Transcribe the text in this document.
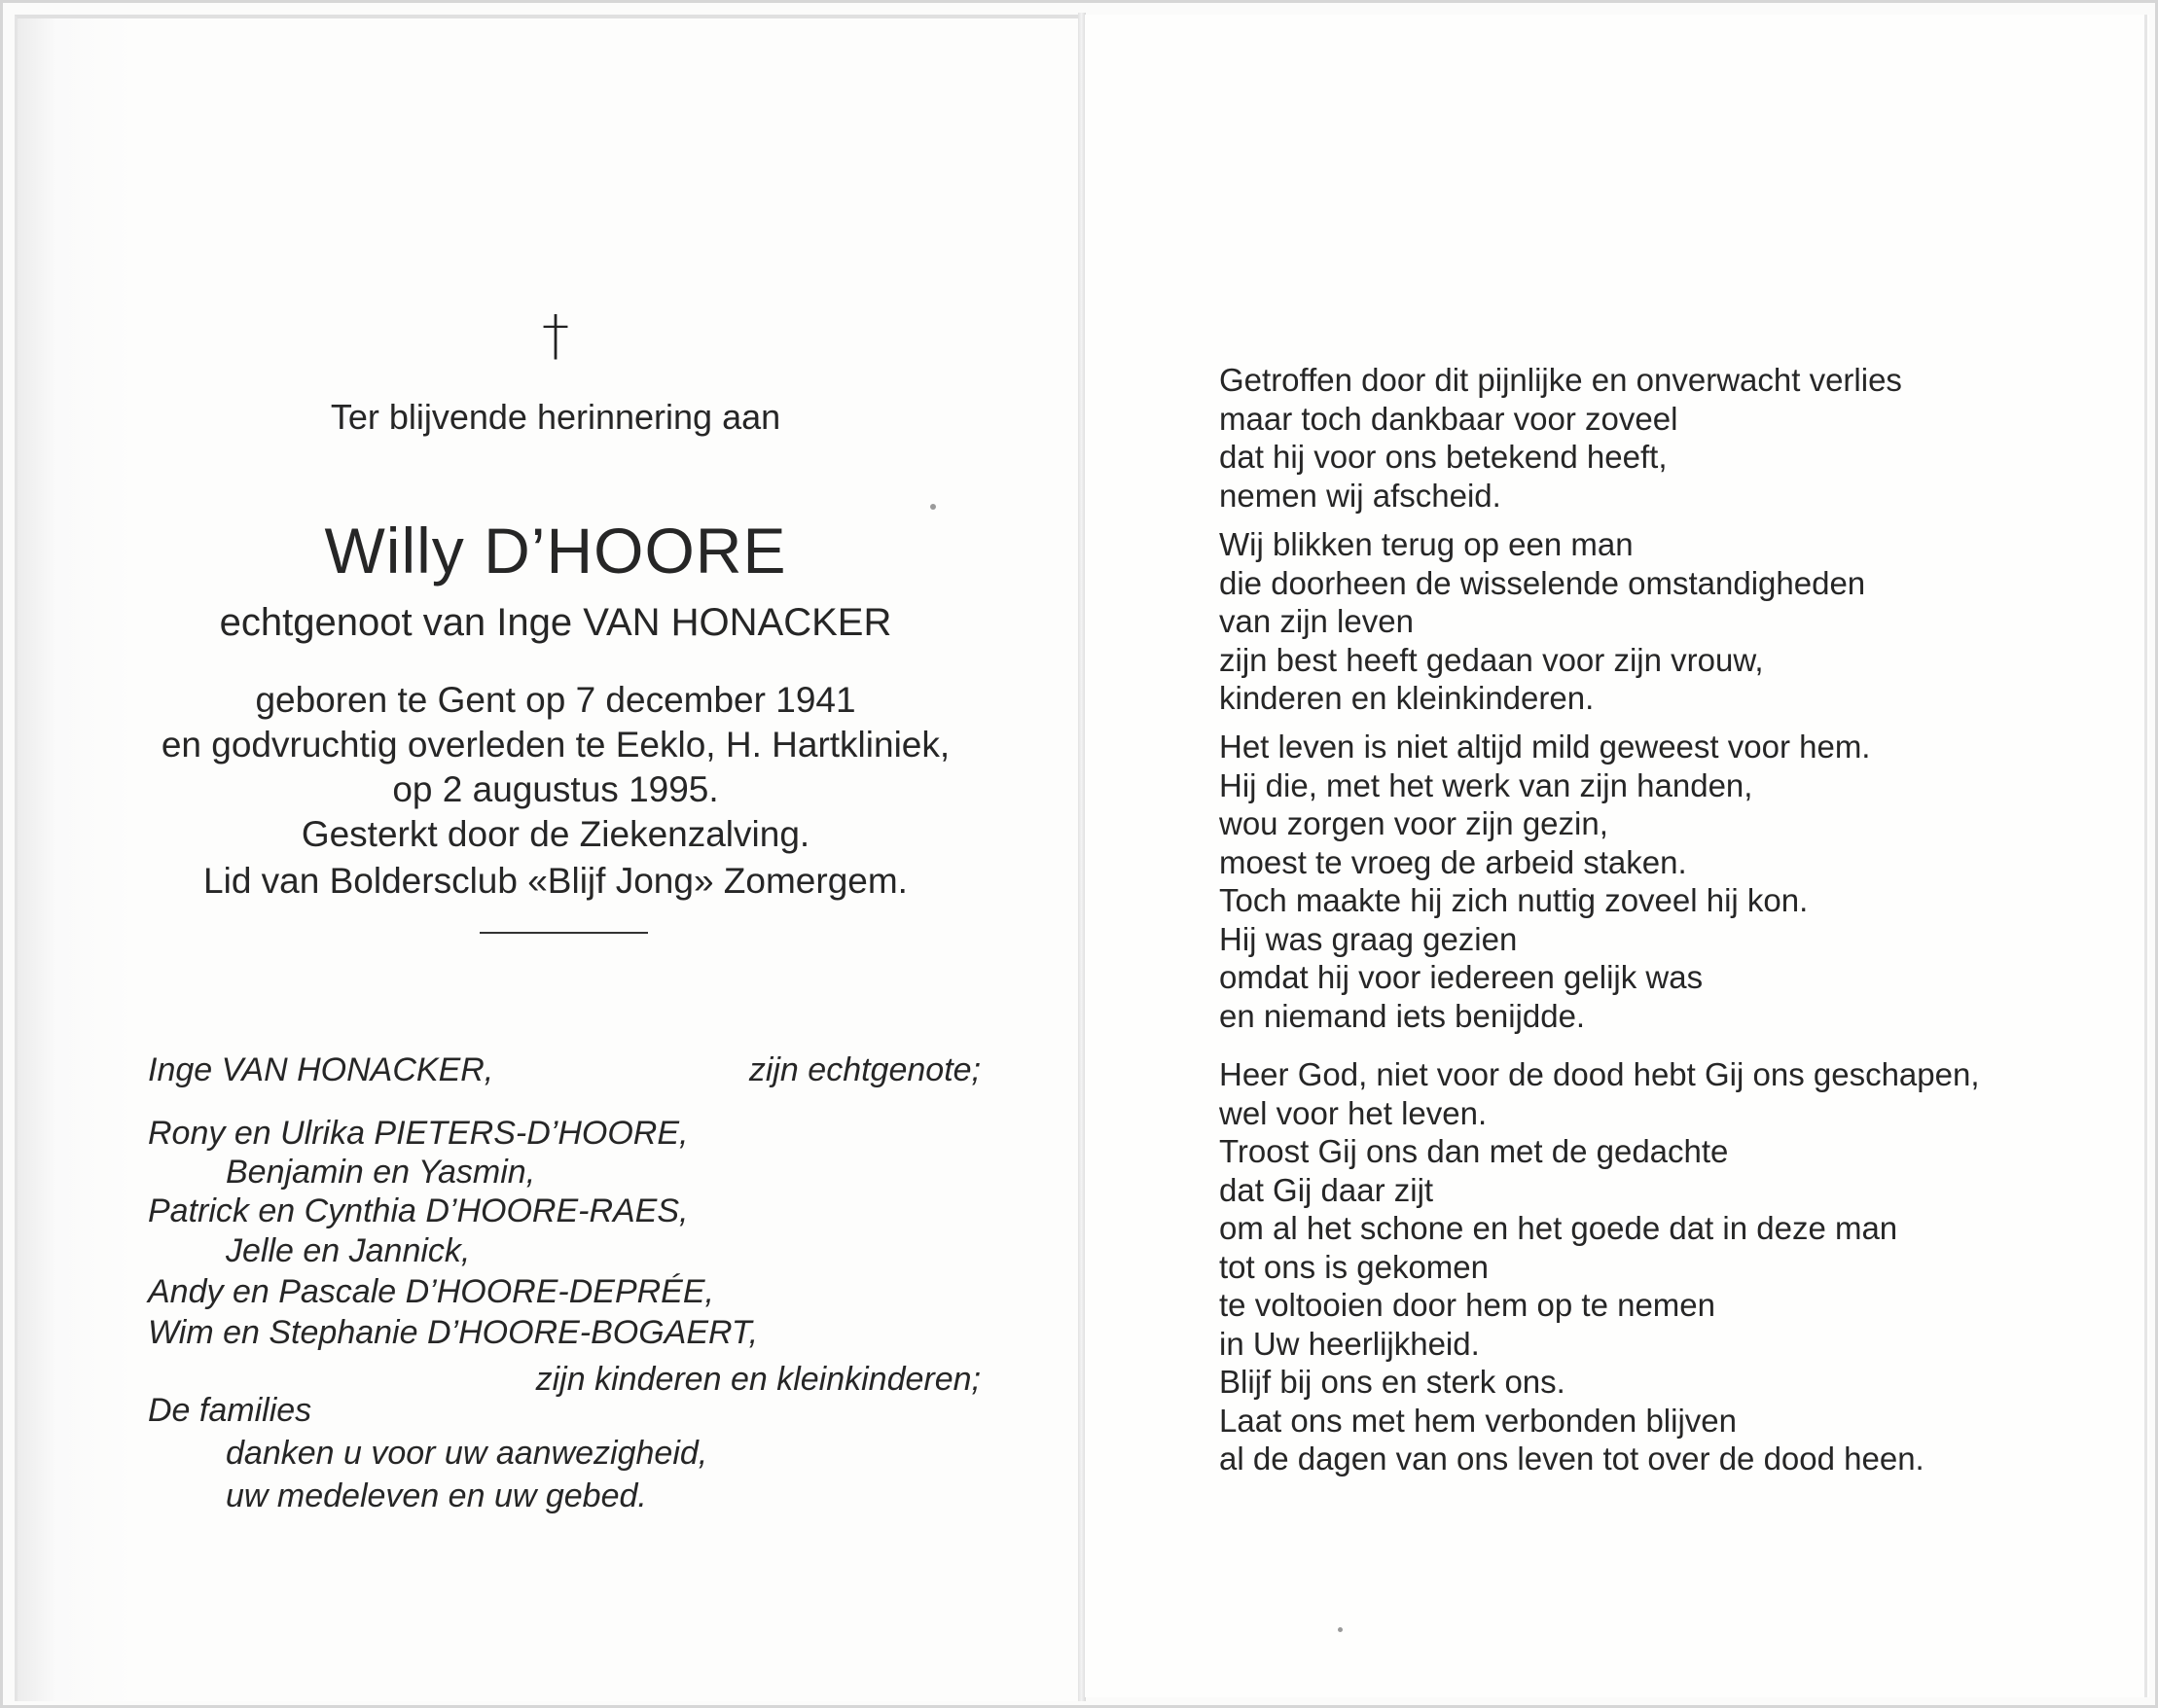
†
Ter blijvende herinnering aan
Willy D’HOORE
echtgenoot van Inge VAN HONACKER
geboren te Gent op 7 december 1941
en godvruchtig overleden te Eeklo, H. Hartkliniek,
op 2 augustus 1995.
Gesterkt door de Ziekenzalving.
Lid van Boldersclub «Blijf Jong» Zomergem.
Inge VAN HONACKER,	zijn echtgenote;
Rony en Ulrika PIETERS-D’HOORE,
Benjamin en Yasmin,
Patrick en Cynthia D’HOORE-RAES,
Jelle en Jannick,
Andy en Pascale D’HOORE-DEPRÉE,
Wim en Stephanie D’HOORE-BOGAERT,
zijn kinderen en kleinkinderen;
De families
danken u voor uw aanwezigheid,
uw medeleven en uw gebed.
Getroffen door dit pijnlijke en onverwacht verlies
maar toch dankbaar voor zoveel
dat hij voor ons betekend heeft,
nemen wij afscheid.
Wij blikken terug op een man
die doorheen de wisselende omstandigheden
van zijn leven
zijn best heeft gedaan voor zijn vrouw,
kinderen en kleinkinderen.
Het leven is niet altijd mild geweest voor hem.
Hij die, met het werk van zijn handen,
wou zorgen voor zijn gezin,
moest te vroeg de arbeid staken.
Toch maakte hij zich nuttig zoveel hij kon.
Hij was graag gezien
omdat hij voor iedereen gelijk was
en niemand iets benijdde.
Heer God, niet voor de dood hebt Gij ons geschapen,
wel voor het leven.
Troost Gij ons dan met de gedachte
dat Gij daar zijt
om al het schone en het goede dat in deze man
tot ons is gekomen
te voltooien door hem op te nemen
in Uw heerlijkheid.
Blijf bij ons en sterk ons.
Laat ons met hem verbonden blijven
al de dagen van ons leven tot over de dood heen.
